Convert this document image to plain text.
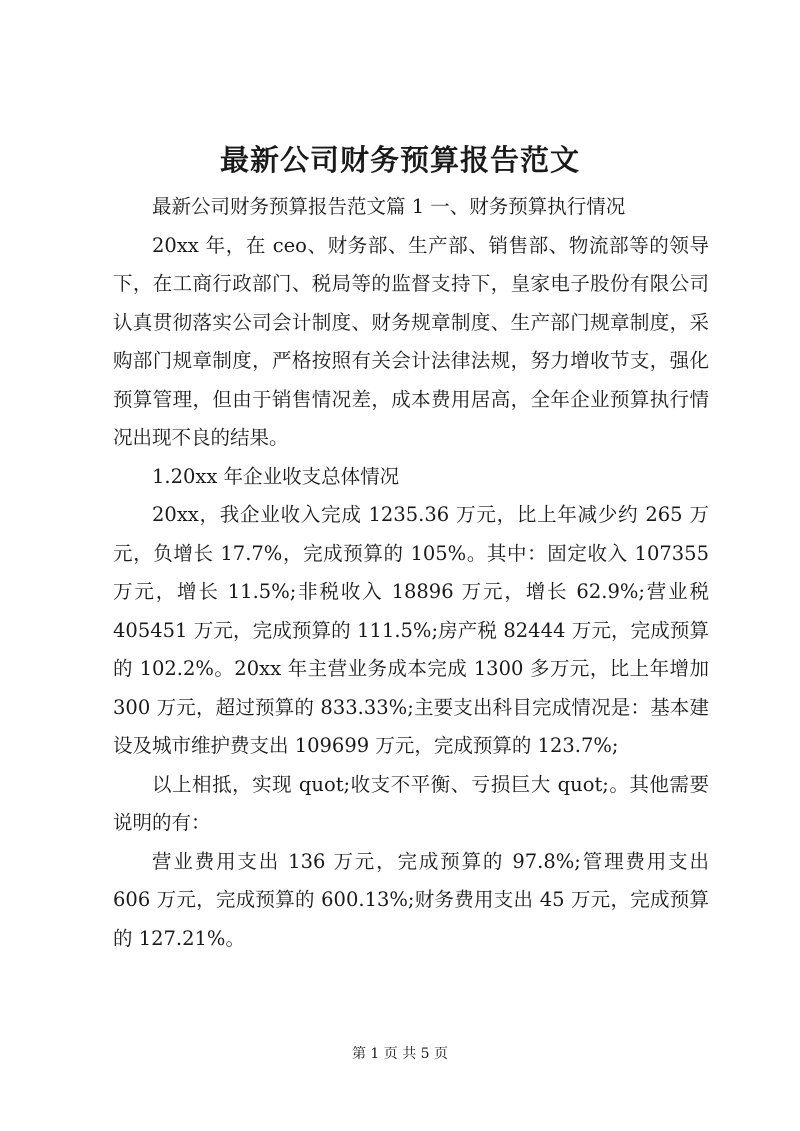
最新公司财务预算报告范文

最新公司财务预算报告范文篇 1 一、财务预算执行情况

20xx 年，在 ceo、财务部、生产部、销售部、物流部等的领导下，在工商行政部门、税局等的监督支持下，皇家电子股份有限公司认真贯彻落实公司会计制度、财务规章制度、生产部门规章制度，采购部门规章制度，严格按照有关会计法律法规，努力增收节支，强化预算管理，但由于销售情况差，成本费用居高，全年企业预算执行情况出现不良的结果。

1.20xx 年企业收支总体情况

20xx，我企业收入完成 1235.36 万元，比上年减少约 265 万元，负增长 17.7%，完成预算的 105%。其中：固定收入 107355 万元，增长 11.5%;非税收入 18896 万元，增长 62.9%;营业税 405451 万元，完成预算的 111.5%;房产税 82444 万元，完成预算的 102.2%。20xx 年主营业务成本完成 1300 多万元，比上年增加 300 万元，超过预算的 833.33%;主要支出科目完成情况是：基本建设及城市维护费支出 109699 万元，完成预算的 123.7%;

以上相抵，实现 quot;收支不平衡、亏损巨大 quot;。其他需要说明的有：

营业费用支出 136 万元，完成预算的 97.8%;管理费用支出 606 万元，完成预算的 600.13%;财务费用支出 45 万元，完成预算的 127.21%。

第 1 页 共 5 页
